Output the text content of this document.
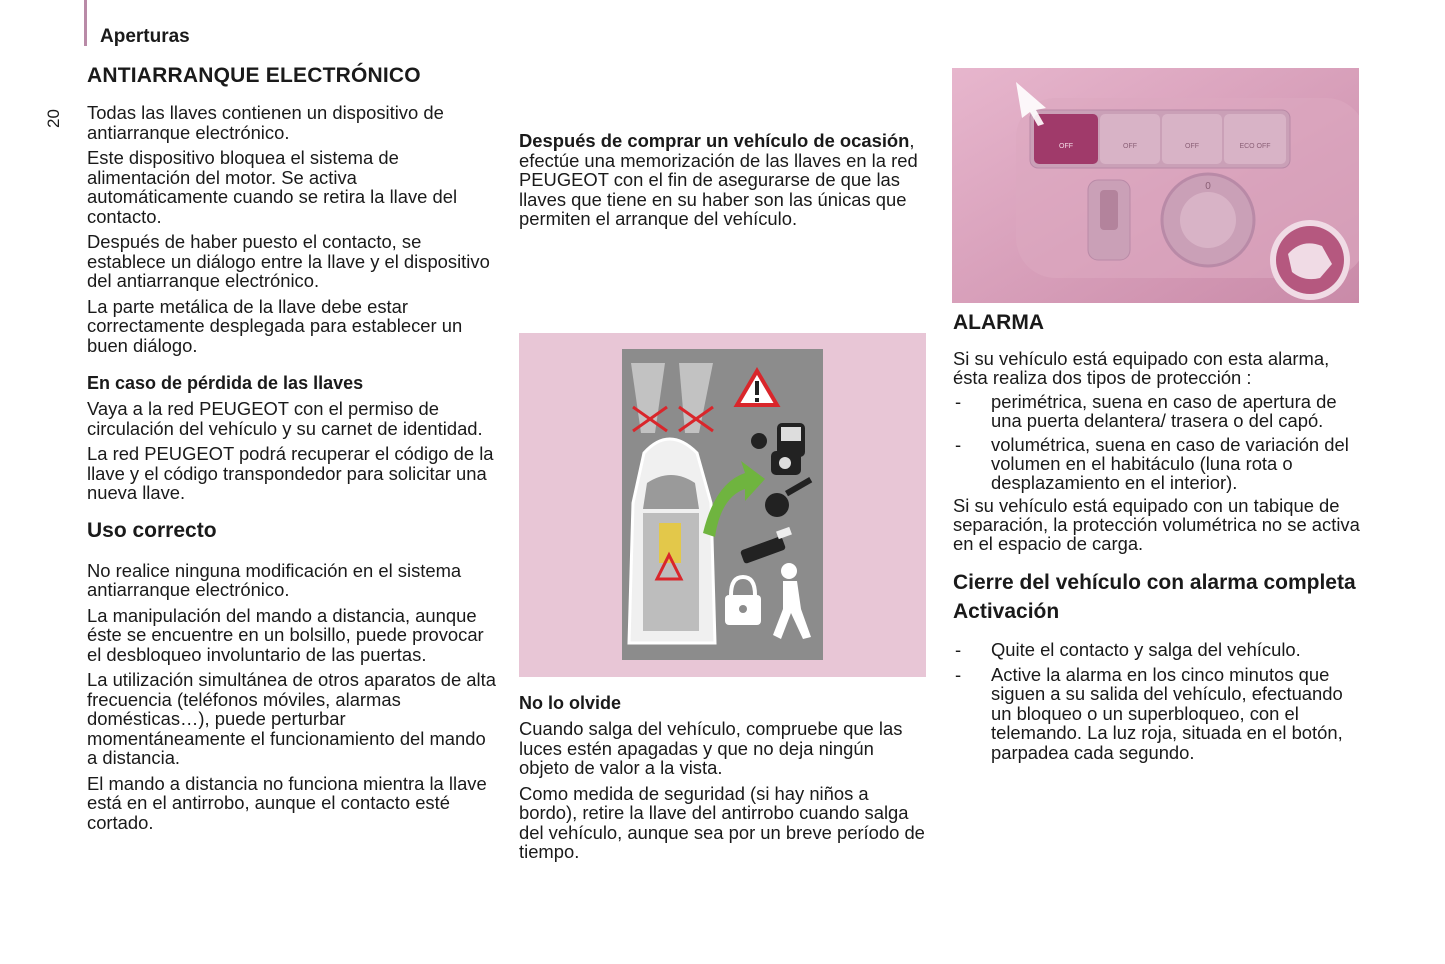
Aperturas
20
ANTIARRANQUE ELECTRÓNICO

Todas las llaves contienen un dispositivo de antiarranque electrónico.

Este dispositivo bloquea el sistema de alimentación del motor. Se activa automáticamente cuando se retira la llave del contacto.

Después de haber puesto el contacto, se establece un diálogo entre la llave y el dispositivo del antiarranque electrónico.

La parte metálica de la llave debe estar correctamente desplegada para establecer un buen diálogo.

En caso de pérdida de las llaves

Vaya a la red PEUGEOT con el permiso de circulación del vehículo y su carnet de identidad.

La red PEUGEOT podrá recuperar el código de la llave y el código transpondedor para solicitar una nueva llave.

Uso correcto

No realice ninguna modificación en el sistema antiarranque electrónico.

La manipulación del mando a distancia, aunque éste se encuentre en un bolsillo, puede provocar el desbloqueo involuntario de las puertas.

La utilización simultánea de otros aparatos de alta frecuencia (teléfonos móviles, alarmas domésticas…), puede perturbar momentáneamente el funcionamiento del mando a distancia.

El mando a distancia no funciona mientra la llave está en el antirrobo, aunque el contacto esté cortado.

Después de comprar un vehículo de ocasión, efectúe una memorización de las llaves en la red PEUGEOT con el fin de asegurarse de que las llaves que tiene en su haber son las únicas que permiten el arranque del vehículo.

No lo olvide

Cuando salga del vehículo, compruebe que las luces estén apagadas y que no deja ningún objeto de valor a la vista.

Como medida de seguridad (si hay niños a bordo), retire la llave del antirrobo cuando salga del vehículo, aunque sea por un breve período de tiempo.

OFF	OFF	OFF	ECO OFF
0
ALARMA

Si su vehículo está equipado con esta alarma, ésta realiza dos tipos de protección :

-	perimétrica, suena en caso de apertura de una puerta delantera/ trasera o del capó.
-	volumétrica, suena en caso de variación del volumen en el habitáculo (luna rota o desplazamiento en el interior).

Si su vehículo está equipado con un tabique de separación, la protección volumétrica no se activa en el espacio de carga.

Cierre del vehículo con alarma completa
Activación
-	Quite el contacto y salga del vehículo.
-	Active la alarma en los cinco minutos que siguen a su salida del vehículo, efectuando un bloqueo o un superbloqueo, con el telemando. La luz roja, situada en el botón, parpadea cada segundo.
